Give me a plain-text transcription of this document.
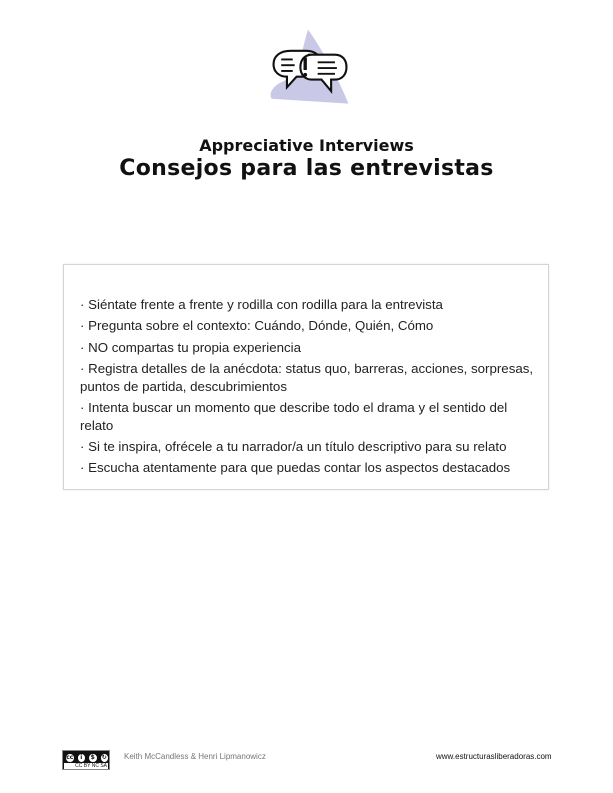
Appreciative Interviews
Consejos para las entrevistas
· Siéntate frente a frente y rodilla con rodilla para la entrevista
· Pregunta sobre el contexto: Cuándo, Dónde, Quién, Cómo
· NO compartas tu propia experiencia
· Registra detalles de la anécdota: status quo, barreras, acciones, sorpresas, puntos de partida, descubrimientos
· Intenta buscar un momento que describe todo el drama y el sentido del relato
· Si te inspira, ofrécele a tu narrador/a un título descriptivo para su relato
· Escucha atentamente para que puedas contar los aspectos destacados
cc	i	$	↻
CC BY NC SA
Keith McCandless & Henri Lipmanowicz	www.estructurasliberadoras.com
